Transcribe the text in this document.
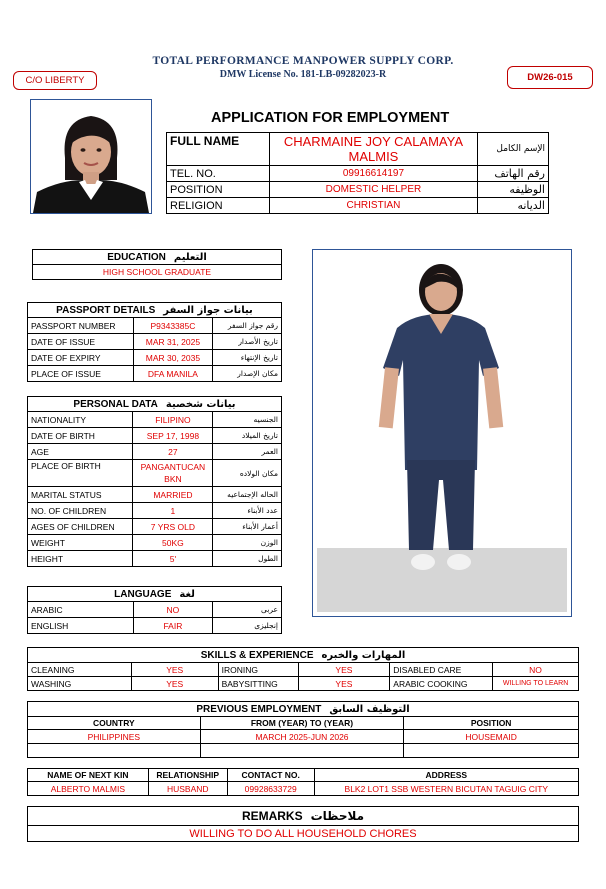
TOTAL PERFORMANCE MANPOWER SUPPLY CORP.
DMW License No. 181-LB-09282023-R
C/O LIBERTY	DW26-015
APPLICATION FOR EMPLOYMENT
FULL NAME	CHARMAINE JOY CALAMAYA MALMIS	الإسم الكامل
TEL. NO.	09916614197	رقم الهاتف
POSITION	DOMESTIC HELPER	الوظيفه
RELIGION	CHRISTIAN	الديانه
EDUCATION التعليم
HIGH SCHOOL GRADUATE
PASSPORT DETAILS بيانات جواز السفر		
PASSPORT NUMBER	P9343385C	رقم جواز السفر
DATE OF ISSUE	MAR 31, 2025	تاريخ الأصدار
DATE OF EXPIRY	MAR 30, 2035	تاريخ الإنتهاء
PLACE OF ISSUE	DFA MANILA	مكان الإصدار
PERSONAL DATA بيانات شخصية		
NATIONALITY	FILIPINO	الجنسيه
DATE OF BIRTH	SEP 17, 1998	تاريخ الميلاد
AGE	27	العمر
PLACE OF BIRTH	PANGANTUCAN BKN	مكان الولاده
MARITAL STATUS	MARRIED	الحاله الإجتماعيه
NO. OF CHILDREN	1	عدد الأبناء
AGES OF CHILDREN	7 YRS OLD	أعمار الأبناء
WEIGHT	50KG	الوزن
HEIGHT	5'	الطول
LANGUAGE لغة		
ARABIC	NO	عربى
ENGLISH	FAIR	إنجليزى
SKILLS & EXPERIENCE المهارات والخبره					
CLEANING	YES	IRONING	YES	DISABLED CARE	NO
WASHING	YES	BABYSITTING	YES	ARABIC COOKING	WILLING TO LEARN
PREVIOUS EMPLOYMENT التوظيف السابق		
COUNTRY	FROM (YEAR) TO (YEAR)	POSITION
PHILIPPINES	MARCH 2025-JUN 2026	HOUSEMAID

NAME OF NEXT KIN	RELATIONSHIP	CONTACT NO.	ADDRESS
ALBERTO MALMIS	HUSBAND	09928633729	BLK2 LOT1 SSB WESTERN BICUTAN TAGUIG CITY
REMARKS ملاحظات
WILLING TO DO ALL HOUSEHOLD CHORES
